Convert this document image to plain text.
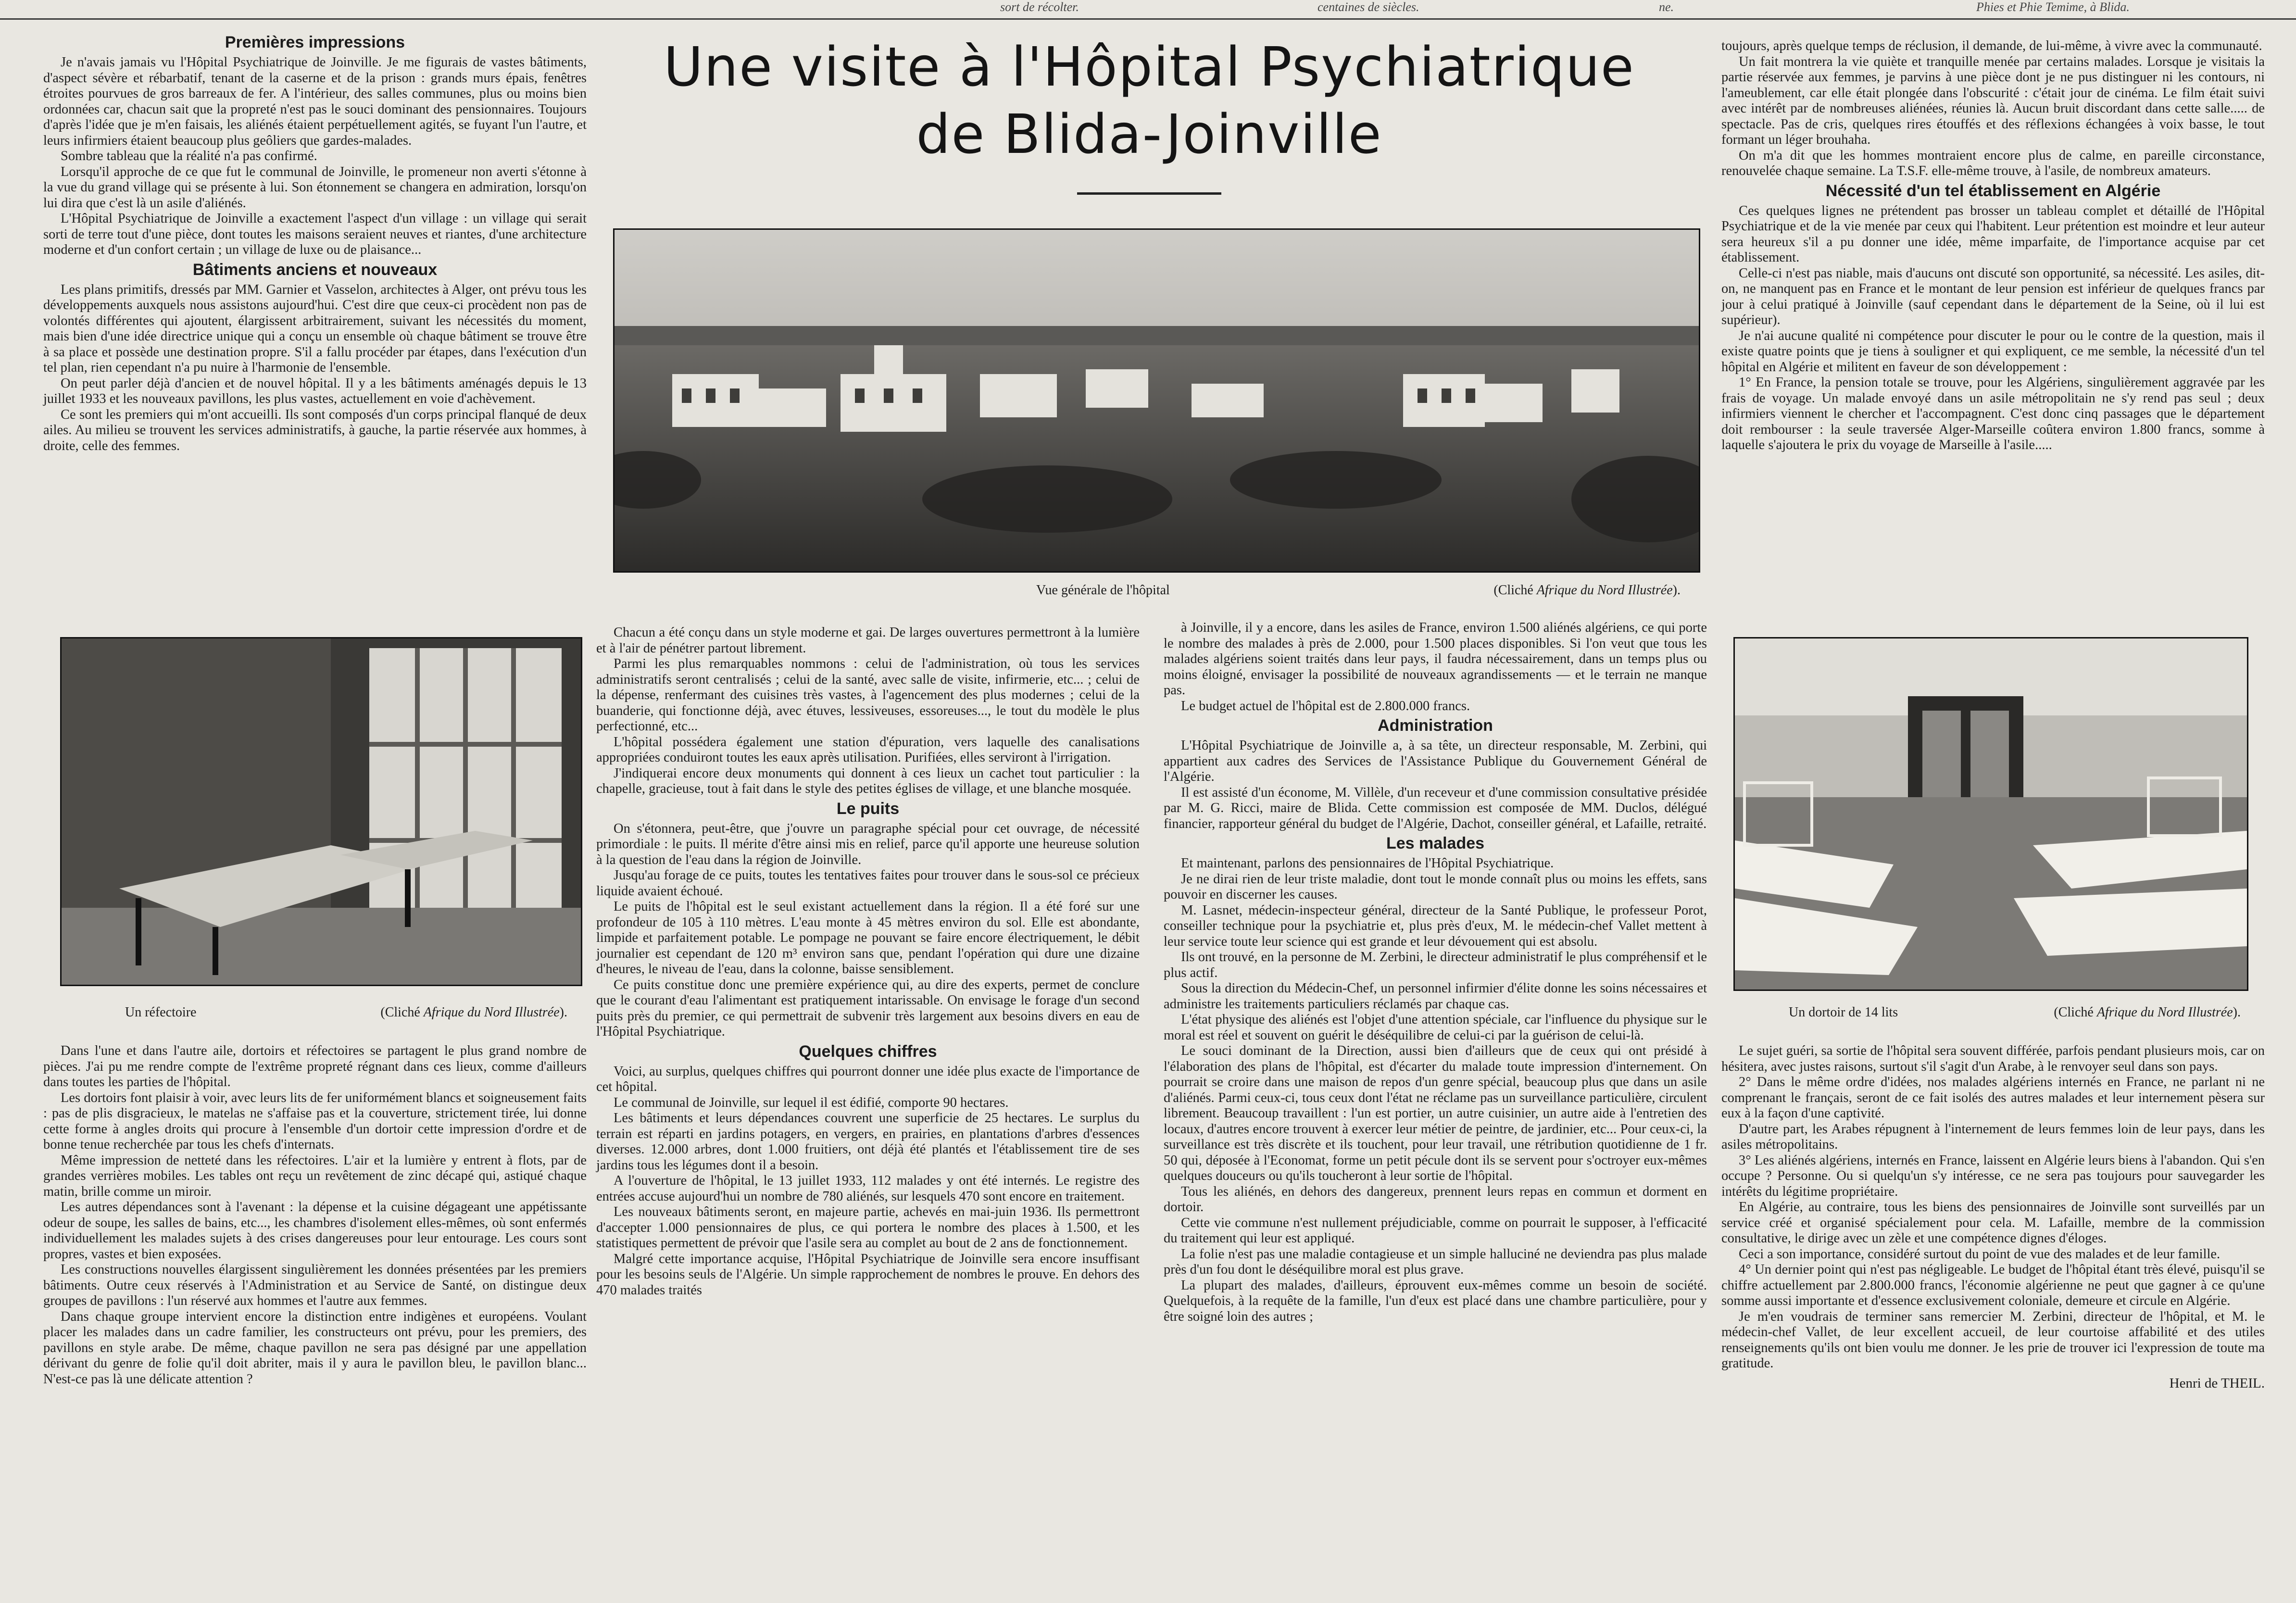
sort de récolter.	centaines de siècles.	ne.	Phies et Phie Temime, à Blida.
Une visite à l'Hôpital Psychiatrique
de Blida-Joinville
Vue générale de l'hôpital	(Cliché Afrique du Nord Illustrée).
Un réfectoire	(Cliché Afrique du Nord Illustrée).	Un dortoir de 14 lits	(Cliché Afrique du Nord Illustrée).
Premières impressions

Je n'avais jamais vu l'Hôpital Psychiatrique de Joinville. Je me figurais de vastes bâtiments, d'aspect sévère et rébarbatif, tenant de la caserne et de la prison : grands murs épais, fenêtres étroites pourvues de gros barreaux de fer. A l'intérieur, des salles communes, plus ou moins bien ordonnées car, chacun sait que la propreté n'est pas le souci dominant des pensionnaires. Toujours d'après l'idée que je m'en faisais, les aliénés étaient perpétuellement agités, se fuyant l'un l'autre, et leurs infirmiers étaient beaucoup plus geôliers que gardes-malades.

Sombre tableau que la réalité n'a pas confirmé.

Lorsqu'il approche de ce que fut le communal de Joinville, le promeneur non averti s'étonne à la vue du grand village qui se présente à lui. Son étonnement se changera en admiration, lorsqu'on lui dira que c'est là un asile d'aliénés.

L'Hôpital Psychiatrique de Joinville a exactement l'aspect d'un village : un village qui serait sorti de terre tout d'une pièce, dont toutes les maisons seraient neuves et riantes, d'une architecture moderne et d'un confort certain ; un village de luxe ou de plaisance...

Bâtiments anciens et nouveaux

Les plans primitifs, dressés par MM. Garnier et Vasselon, architectes à Alger, ont prévu tous les développements auxquels nous assistons aujourd'hui. C'est dire que ceux-ci procèdent non pas de volontés différentes qui ajoutent, élargissent arbitrairement, suivant les nécessités du moment, mais bien d'une idée directrice unique qui a conçu un ensemble où chaque bâtiment se trouve être à sa place et possède une destination propre. S'il a fallu procéder par étapes, dans l'exécution d'un tel plan, rien cependant n'a pu nuire à l'harmonie de l'ensemble.

On peut parler déjà d'ancien et de nouvel hôpital. Il y a les bâtiments aménagés depuis le 13 juillet 1933 et les nouveaux pavillons, les plus vastes, actuellement en voie d'achèvement.

Ce sont les premiers qui m'ont accueilli. Ils sont composés d'un corps principal flanqué de deux ailes. Au milieu se trouvent les services administratifs, à gauche, la partie réservée aux hommes, à droite, celle des femmes.

Dans l'une et dans l'autre aile, dortoirs et réfectoires se partagent le plus grand nombre de pièces. J'ai pu me rendre compte de l'extrême propreté régnant dans ces lieux, comme d'ailleurs dans toutes les parties de l'hôpital.

Les dortoirs font plaisir à voir, avec leurs lits de fer uniformément blancs et soigneusement faits : pas de plis disgracieux, le matelas ne s'affaise pas et la couverture, strictement tirée, lui donne cette forme à angles droits qui procure à l'ensemble d'un dortoir cette impression d'ordre et de bonne tenue recherchée par tous les chefs d'internats.

Même impression de netteté dans les réfectoires. L'air et la lumière y entrent à flots, par de grandes verrières mobiles. Les tables ont reçu un revêtement de zinc décapé qui, astiqué chaque matin, brille comme un miroir.

Les autres dépendances sont à l'avenant : la dépense et la cuisine dégageant une appétissante odeur de soupe, les salles de bains, etc..., les chambres d'isolement elles-mêmes, où sont enfermés individuellement les malades sujets à des crises dangereuses pour leur entourage. Les cours sont propres, vastes et bien exposées.

Les constructions nouvelles élargissent singulièrement les données présentées par les premiers bâtiments. Outre ceux réservés à l'Administration et au Service de Santé, on distingue deux groupes de pavillons : l'un réservé aux hommes et l'autre aux femmes.

Dans chaque groupe intervient encore la distinction entre indigènes et européens. Voulant placer les malades dans un cadre familier, les constructeurs ont prévu, pour les premiers, des pavillons en style arabe. De même, chaque pavillon ne sera pas désigné par une appellation dérivant du genre de folie qu'il doit abriter, mais il y aura le pavillon bleu, le pavillon blanc... N'est-ce pas là une délicate attention ?

Chacun a été conçu dans un style moderne et gai. De larges ouvertures permettront à la lumière et à l'air de pénétrer partout librement.

Parmi les plus remarquables nommons : celui de l'administration, où tous les services administratifs seront centralisés ; celui de la santé, avec salle de visite, infirmerie, etc... ; celui de la dépense, renfermant des cuisines très vastes, à l'agencement des plus modernes ; celui de la buanderie, qui fonctionne déjà, avec étuves, lessiveuses, essoreuses..., le tout du modèle le plus perfectionné, etc...

L'hôpital possédera également une station d'épuration, vers laquelle des canalisations appropriées conduiront toutes les eaux après utilisation. Purifiées, elles serviront à l'irrigation.

J'indiquerai encore deux monuments qui donnent à ces lieux un cachet tout particulier : la chapelle, gracieuse, tout à fait dans le style des petites églises de village, et une blanche mosquée.

Le puits

On s'étonnera, peut-être, que j'ouvre un paragraphe spécial pour cet ouvrage, de nécessité primordiale : le puits. Il mérite d'être ainsi mis en relief, parce qu'il apporte une heureuse solution à la question de l'eau dans la région de Joinville.

Jusqu'au forage de ce puits, toutes les tentatives faites pour trouver dans le sous-sol ce précieux liquide avaient échoué.

Le puits de l'hôpital est le seul existant actuellement dans la région. Il a été foré sur une profondeur de 105 à 110 mètres. L'eau monte à 45 mètres environ du sol. Elle est abondante, limpide et parfaitement potable. Le pompage ne pouvant se faire encore électriquement, le débit journalier est cependant de 120 m³ environ sans que, pendant l'opération qui dure une dizaine d'heures, le niveau de l'eau, dans la colonne, baisse sensiblement.

Ce puits constitue donc une première expérience qui, au dire des experts, permet de conclure que le courant d'eau l'alimentant est pratiquement intarissable. On envisage le forage d'un second puits près du premier, ce qui permettrait de subvenir très largement aux besoins divers en eau de l'Hôpital Psychiatrique.

Quelques chiffres

Voici, au surplus, quelques chiffres qui pourront donner une idée plus exacte de l'importance de cet hôpital.

Le communal de Joinville, sur lequel il est édifié, comporte 90 hectares.

Les bâtiments et leurs dépendances couvrent une superficie de 25 hectares. Le surplus du terrain est réparti en jardins potagers, en vergers, en prairies, en plantations d'arbres d'essences diverses. 12.000 arbres, dont 1.000 fruitiers, ont déjà été plantés et l'établissement tire de ses jardins tous les légumes dont il a besoin.

A l'ouverture de l'hôpital, le 13 juillet 1933, 112 malades y ont été internés. Le registre des entrées accuse aujourd'hui un nombre de 780 aliénés, sur lesquels 470 sont encore en traitement.

Les nouveaux bâtiments seront, en majeure partie, achevés en mai-juin 1936. Ils permettront d'accepter 1.000 pensionnaires de plus, ce qui portera le nombre des places à 1.500, et les statistiques permettent de prévoir que l'asile sera au complet au bout de 2 ans de fonctionnement.

Malgré cette importance acquise, l'Hôpital Psychiatrique de Joinville sera encore insuffisant pour les besoins seuls de l'Algérie. Un simple rapprochement de nombres le prouve. En dehors des 470 malades traités

à Joinville, il y a encore, dans les asiles de France, environ 1.500 aliénés algériens, ce qui porte le nombre des malades à près de 2.000, pour 1.500 places disponibles. Si l'on veut que tous les malades algériens soient traités dans leur pays, il faudra nécessairement, dans un temps plus ou moins éloigné, envisager la possibilité de nouveaux agrandissements — et le terrain ne manque pas.

Le budget actuel de l'hôpital est de 2.800.000 francs.

Administration

L'Hôpital Psychiatrique de Joinville a, à sa tête, un directeur responsable, M. Zerbini, qui appartient aux cadres des Services de l'Assistance Publique du Gouvernement Général de l'Algérie.

Il est assisté d'un économe, M. Villèle, d'un receveur et d'une commission consultative présidée par M. G. Ricci, maire de Blida. Cette commission est composée de MM. Duclos, délégué financier, rapporteur général du budget de l'Algérie, Dachot, conseiller général, et Lafaille, retraité.

Les malades

Et maintenant, parlons des pensionnaires de l'Hôpital Psychiatrique.

Je ne dirai rien de leur triste maladie, dont tout le monde connaît plus ou moins les effets, sans pouvoir en discerner les causes.

M. Lasnet, médecin-inspecteur général, directeur de la Santé Publique, le professeur Porot, conseiller technique pour la psychiatrie et, plus près d'eux, M. le médecin-chef Vallet mettent à leur service toute leur science qui est grande et leur dévouement qui est absolu.

Ils ont trouvé, en la personne de M. Zerbini, le directeur administratif le plus compréhensif et le plus actif.

Sous la direction du Médecin-Chef, un personnel infirmier d'élite donne les soins nécessaires et administre les traitements particuliers réclamés par chaque cas.

L'état physique des aliénés est l'objet d'une attention spéciale, car l'influence du physique sur le moral est réel et souvent on guérit le déséquilibre de celui-ci par la guérison de celui-là.

Le souci dominant de la Direction, aussi bien d'ailleurs que de ceux qui ont présidé à l'élaboration des plans de l'hôpital, est d'écarter du malade toute impression d'internement. On pourrait se croire dans une maison de repos d'un genre spécial, beaucoup plus que dans un asile d'aliénés. Parmi ceux-ci, tous ceux dont l'état ne réclame pas un surveillance particulière, circulent librement. Beaucoup travaillent : l'un est portier, un autre cuisinier, un autre aide à l'entretien des locaux, d'autres encore trouvent à exercer leur métier de peintre, de jardinier, etc... Pour ceux-ci, la surveillance est très discrète et ils touchent, pour leur travail, une rétribution quotidienne de 1 fr. 50 qui, déposée à l'Economat, forme un petit pécule dont ils se servent pour s'octroyer eux-mêmes quelques douceurs ou qu'ils toucheront à leur sortie de l'hôpital.

Tous les aliénés, en dehors des dangereux, prennent leurs repas en commun et dorment en dortoir.

Cette vie commune n'est nullement préjudiciable, comme on pourrait le supposer, à l'efficacité du traitement qui leur est appliqué.

La folie n'est pas une maladie contagieuse et un simple halluciné ne deviendra pas plus malade près d'un fou dont le déséquilibre moral est plus grave.

La plupart des malades, d'ailleurs, éprouvent eux-mêmes comme un besoin de société. Quelquefois, à la requête de la famille, l'un d'eux est placé dans une chambre particulière, pour y être soigné loin des autres ;

toujours, après quelque temps de réclusion, il demande, de lui-même, à vivre avec la communauté.

Un fait montrera la vie quiète et tranquille menée par certains malades. Lorsque je visitais la partie réservée aux femmes, je parvins à une pièce dont je ne pus distinguer ni les contours, ni l'ameublement, car elle était plongée dans l'obscurité : c'était jour de cinéma. Le film était suivi avec intérêt par de nombreuses aliénées, réunies là. Aucun bruit discordant dans cette salle..... de spectacle. Pas de cris, quelques rires étouffés et des réflexions échangées à voix basse, le tout formant un léger brouhaha.

On m'a dit que les hommes montraient encore plus de calme, en pareille circonstance, renouvelée chaque semaine. La T.S.F. elle-même trouve, à l'asile, de nombreux amateurs.

Nécessité d'un tel établissement en Algérie

Ces quelques lignes ne prétendent pas brosser un tableau complet et détaillé de l'Hôpital Psychiatrique et de la vie menée par ceux qui l'habitent. Leur prétention est moindre et leur auteur sera heureux s'il a pu donner une idée, même imparfaite, de l'importance acquise par cet établissement.

Celle-ci n'est pas niable, mais d'aucuns ont discuté son opportunité, sa nécessité. Les asiles, dit-on, ne manquent pas en France et le montant de leur pension est inférieur de quelques francs par jour à celui pratiqué à Joinville (sauf cependant dans le département de la Seine, où il lui est supérieur).

Je n'ai aucune qualité ni compétence pour discuter le pour ou le contre de la question, mais il existe quatre points que je tiens à souligner et qui expliquent, ce me semble, la nécessité d'un tel hôpital en Algérie et militent en faveur de son développement :

1° En France, la pension totale se trouve, pour les Algériens, singulièrement aggravée par les frais de voyage. Un malade envoyé dans un asile métropolitain ne s'y rend pas seul ; deux infirmiers viennent le chercher et l'accompagnent. C'est donc cinq passages que le département doit rembourser : la seule traversée Alger-Marseille coûtera environ 1.800 francs, somme à laquelle s'ajoutera le prix du voyage de Marseille à l'asile.....

Le sujet guéri, sa sortie de l'hôpital sera souvent différée, parfois pendant plusieurs mois, car on hésitera, avec justes raisons, surtout s'il s'agit d'un Arabe, à le renvoyer seul dans son pays.

2° Dans le même ordre d'idées, nos malades algériens internés en France, ne parlant ni ne comprenant le français, seront de ce fait isolés des autres malades et leur internement pèsera sur eux à la façon d'une captivité.

D'autre part, les Arabes répugnent à l'internement de leurs femmes loin de leur pays, dans les asiles métropolitains.

3° Les aliénés algériens, internés en France, laissent en Algérie leurs biens à l'abandon. Qui s'en occupe ? Personne. Ou si quelqu'un s'y intéresse, ce ne sera pas toujours pour sauvegarder les intérêts du légitime propriétaire.

En Algérie, au contraire, tous les biens des pensionnaires de Joinville sont surveillés par un service créé et organisé spécialement pour cela. M. Lafaille, membre de la commission consultative, le dirige avec un zèle et une compétence dignes d'éloges.

Ceci a son importance, considéré surtout du point de vue des malades et de leur famille.

4° Un dernier point qui n'est pas négligeable. Le budget de l'hôpital étant très élevé, puisqu'il se chiffre actuellement par 2.800.000 francs, l'économie algérienne ne peut que gagner à ce qu'une somme aussi importante et d'essence exclusivement coloniale, demeure et circule en Algérie.

Je m'en voudrais de terminer sans remercier M. Zerbini, directeur de l'hôpital, et M. le médecin-chef Vallet, de leur excellent accueil, de leur courtoise affabilité et des utiles renseignements qu'ils ont bien voulu me donner. Je les prie de trouver ici l'expression de toute ma gratitude.

Henri de THEIL.
